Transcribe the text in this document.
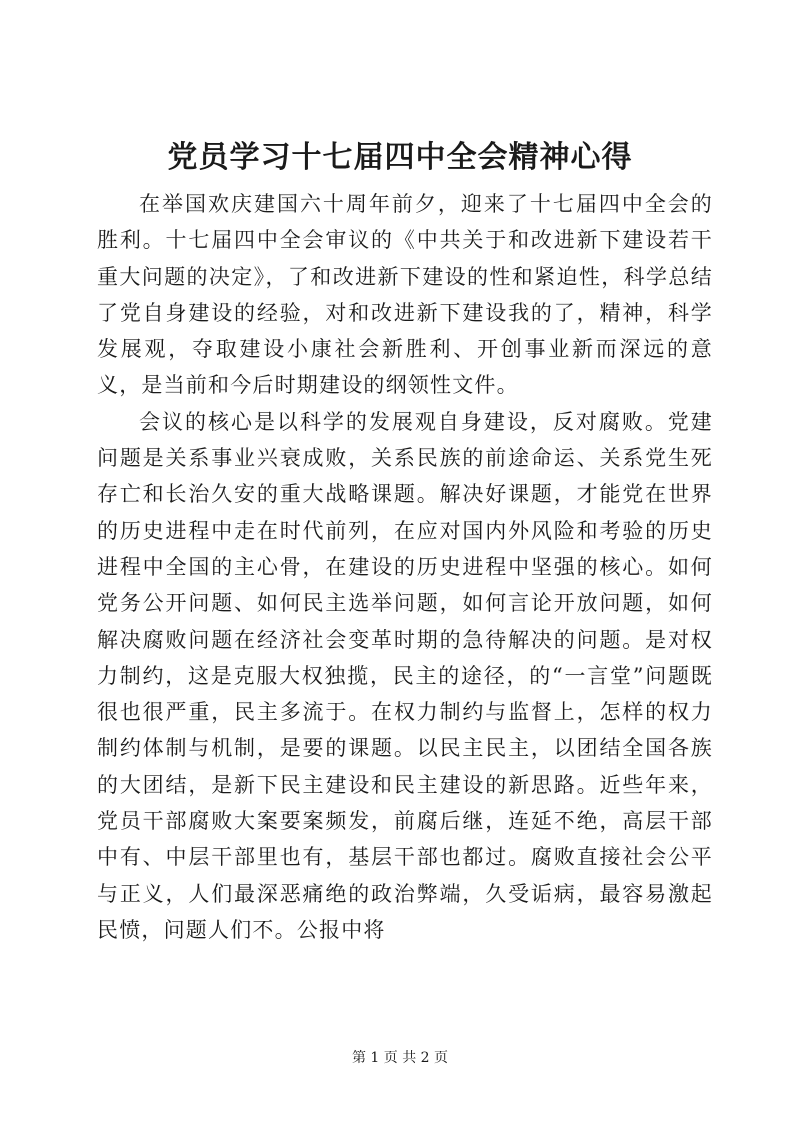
党员学习十七届四中全会精神心得

在举国欢庆建国六十周年前夕，迎来了十七届四中全会的胜利。十七届四中全会审议的《中共关于和改进新下建设若干重大问题的决定》，了和改进新下建设的性和紧迫性，科学总结了党自身建设的经验，对和改进新下建设我的了，精神，科学发展观，夺取建设小康社会新胜利、开创事业新而深远的意义，是当前和今后时期建设的纲领性文件。

会议的核心是以科学的发展观自身建设，反对腐败。党建问题是关系事业兴衰成败，关系民族的前途命运、关系党生死存亡和长治久安的重大战略课题。解决好课题，才能党在世界的历史进程中走在时代前列，在应对国内外风险和考验的历史进程中全国的主心骨，在建设的历史进程中坚强的核心。如何党务公开问题、如何民主选举问题，如何言论开放问题，如何解决腐败问题在经济社会变革时期的急待解决的问题。是对权力制约，这是克服大权独揽，民主的途径，的“一言堂”问题既很也很严重，民主多流于。在权力制约与监督上，怎样的权力制约体制与机制，是要的课题。以民主民主，以团结全国各族的大团结，是新下民主建设和民主建设的新思路。近些年来，党员干部腐败大案要案频发，前腐后继，连延不绝，高层干部中有、中层干部里也有，基层干部也都过。腐败直接社会公平与正义，人们最深恶痛绝的政治弊端，久受诟病，最容易激起民愤，问题人们不。公报中将

第 1 页 共 2 页
